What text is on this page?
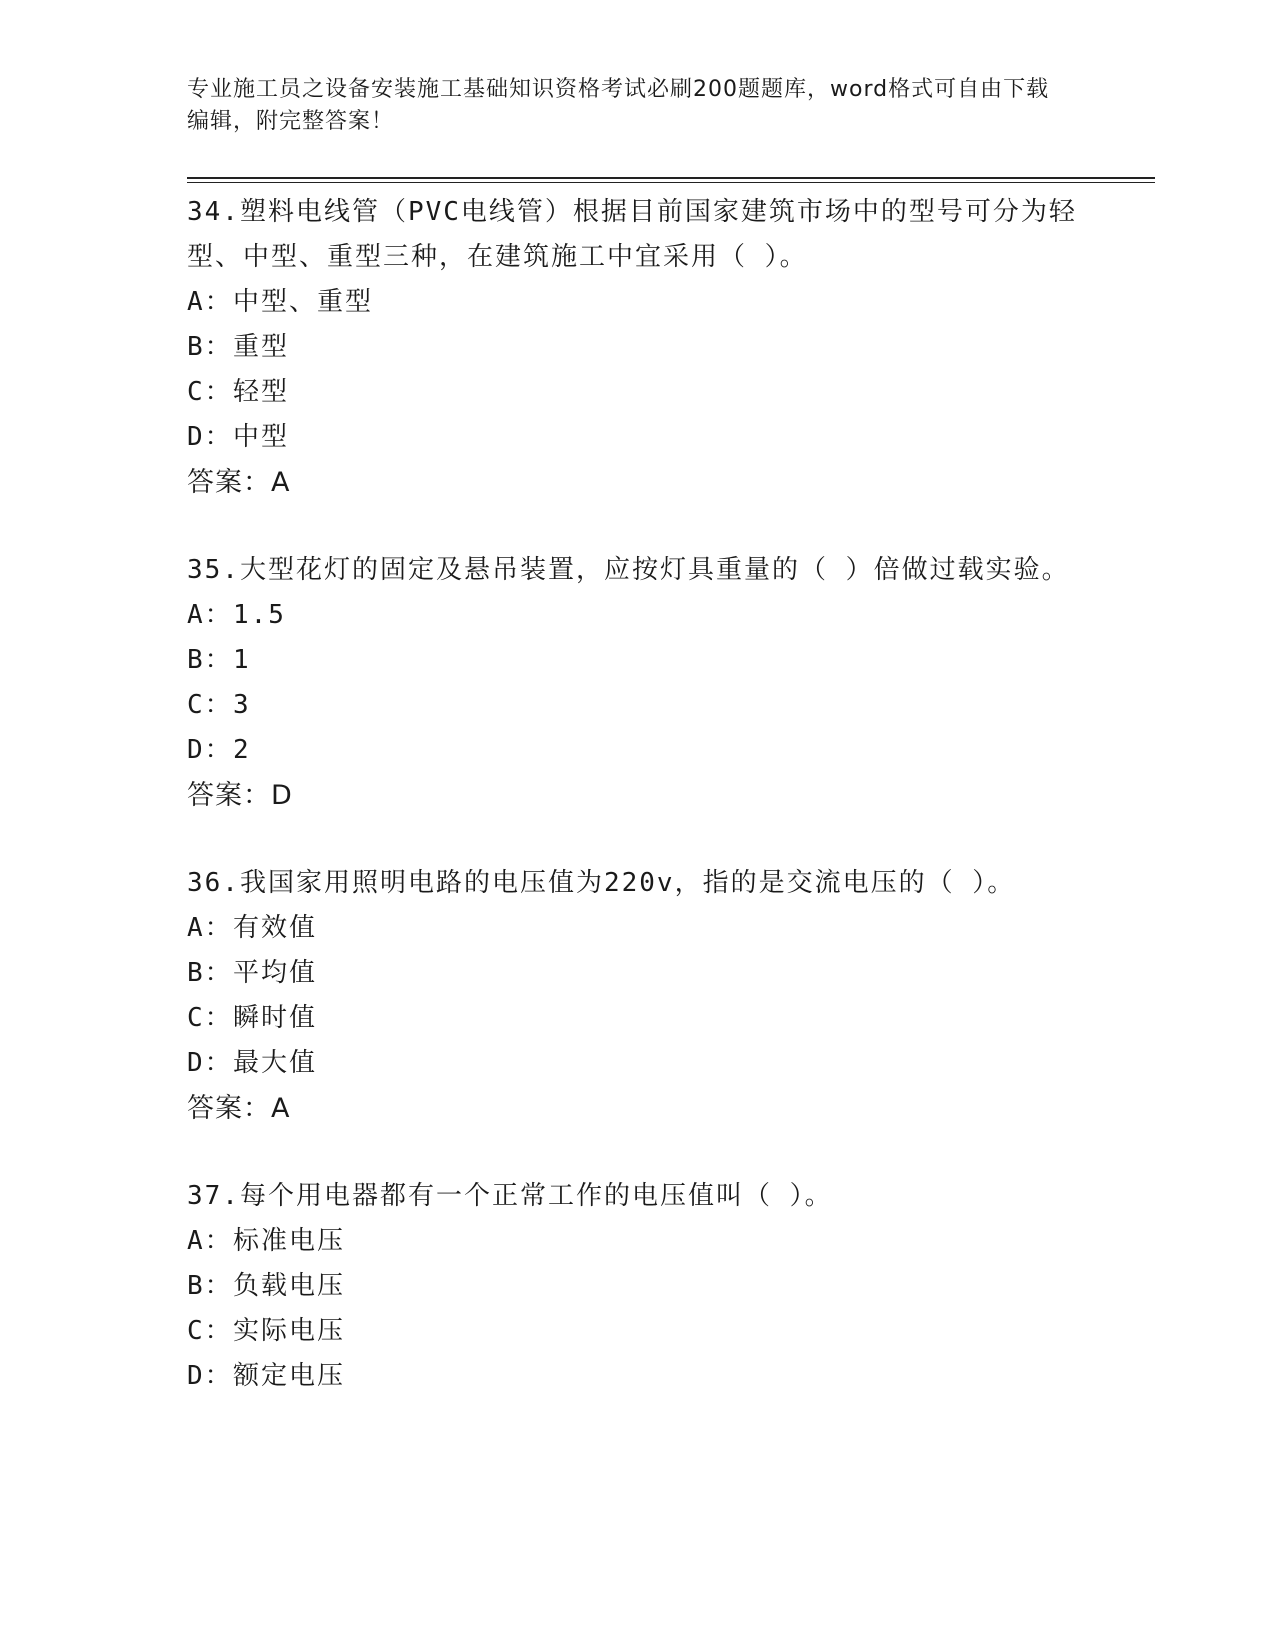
专业施工员之设备安装施工基础知识资格考试必刷200题题库，word格式可自由下载编辑，附完整答案！

34.塑料电线管（PVC电线管）根据目前国家建筑市场中的型号可分为轻型、中型、重型三种，在建筑施工中宜采用（ ）。

A： 中型、重型
B： 重型
C： 轻型
D： 中型

答案：A

35.大型花灯的固定及悬吊装置，应按灯具重量的（ ）倍做过载实验。

A： 1.5
B： 1
C： 3
D： 2

答案：D

36.我国家用照明电路的电压值为220v，指的是交流电压的（ ）。

A： 有效值
B： 平均值
C： 瞬时值
D： 最大值

答案：A

37.每个用电器都有一个正常工作的电压值叫（ ）。

A： 标准电压
B： 负载电压
C： 实际电压
D： 额定电压
